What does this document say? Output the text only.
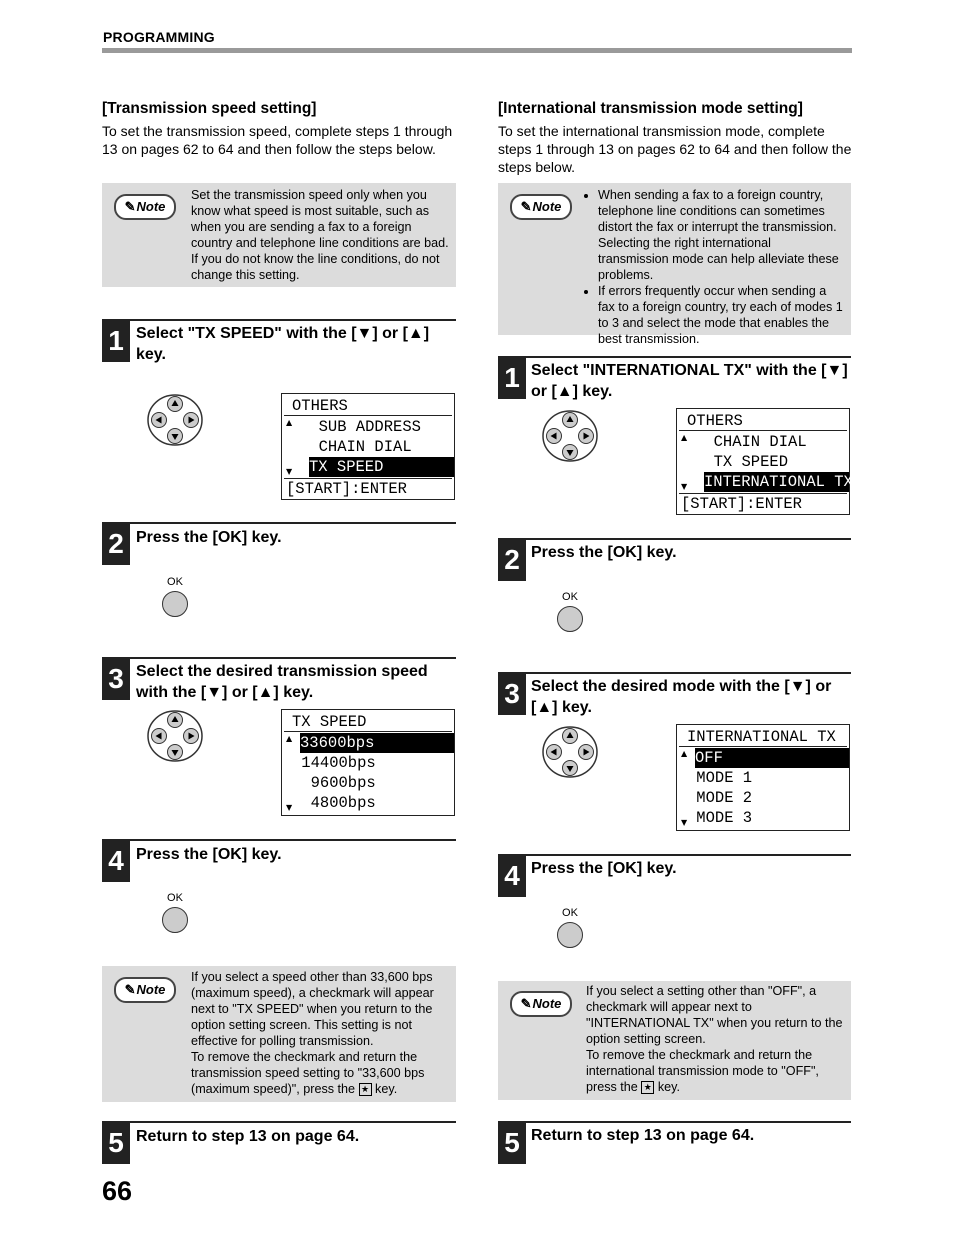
PROGRAMMING
[Transmission speed setting]
To set the transmission speed, complete steps 1 through 13 on pages 62 to 64 and then follow the steps below.
✎Note
Set the transmission speed only when you know what speed is most suitable, such as when you are sending a fax to a foreign country and telephone line conditions are bad. If you do not know the line conditions, do not change this setting.
1 Select "TX SPEED" with the [▼] or [▲] key.
OTHERS
▲ SUB ADDRESS
CHAIN DIAL
▼ TX SPEED
[START]:ENTER
2 Press the [OK] key.
OK
3 Select the desired transmission speed with the [▼] or [▲] key.
TX SPEED
▲ 33600bps
14400bps
9600bps
▼ 4800bps
4 Press the [OK] key.
OK
✎Note
If you select a speed other than 33,600 bps (maximum speed), a checkmark will appear next to "TX SPEED" when you return to the option setting screen. This setting is not effective for polling transmission.
To remove the checkmark and return the transmission speed setting to "33,600 bps (maximum speed)", press the ★ key.
5 Return to step 13 on page 64.
[International transmission mode setting]
To set the international transmission mode, complete steps 1 through 13 on pages 62 to 64 and then follow the steps below.
✎Note
• When sending a fax to a foreign country, telephone line conditions can sometimes distort the fax or interrupt the transmission. Selecting the right international transmission mode can help alleviate these problems.
• If errors frequently occur when sending a fax to a foreign country, try each of modes 1 to 3 and select the mode that enables the best transmission.
1 Select "INTERNATIONAL TX" with the [▼] or [▲] key.
OTHERS
▲ CHAIN DIAL
TX SPEED
▼ INTERNATIONAL TX
[START]:ENTER
2 Press the [OK] key.
OK
3 Select the desired mode with the [▼] or [▲] key.
INTERNATIONAL TX
▲ OFF
MODE 1
MODE 2
▼ MODE 3
4 Press the [OK] key.
OK
✎Note
If you select a setting other than "OFF", a checkmark will appear next to "INTERNATIONAL TX" when you return to the option setting screen.
To remove the checkmark and return the international transmission mode to "OFF", press the ★ key.
5 Return to step 13 on page 64.
66
